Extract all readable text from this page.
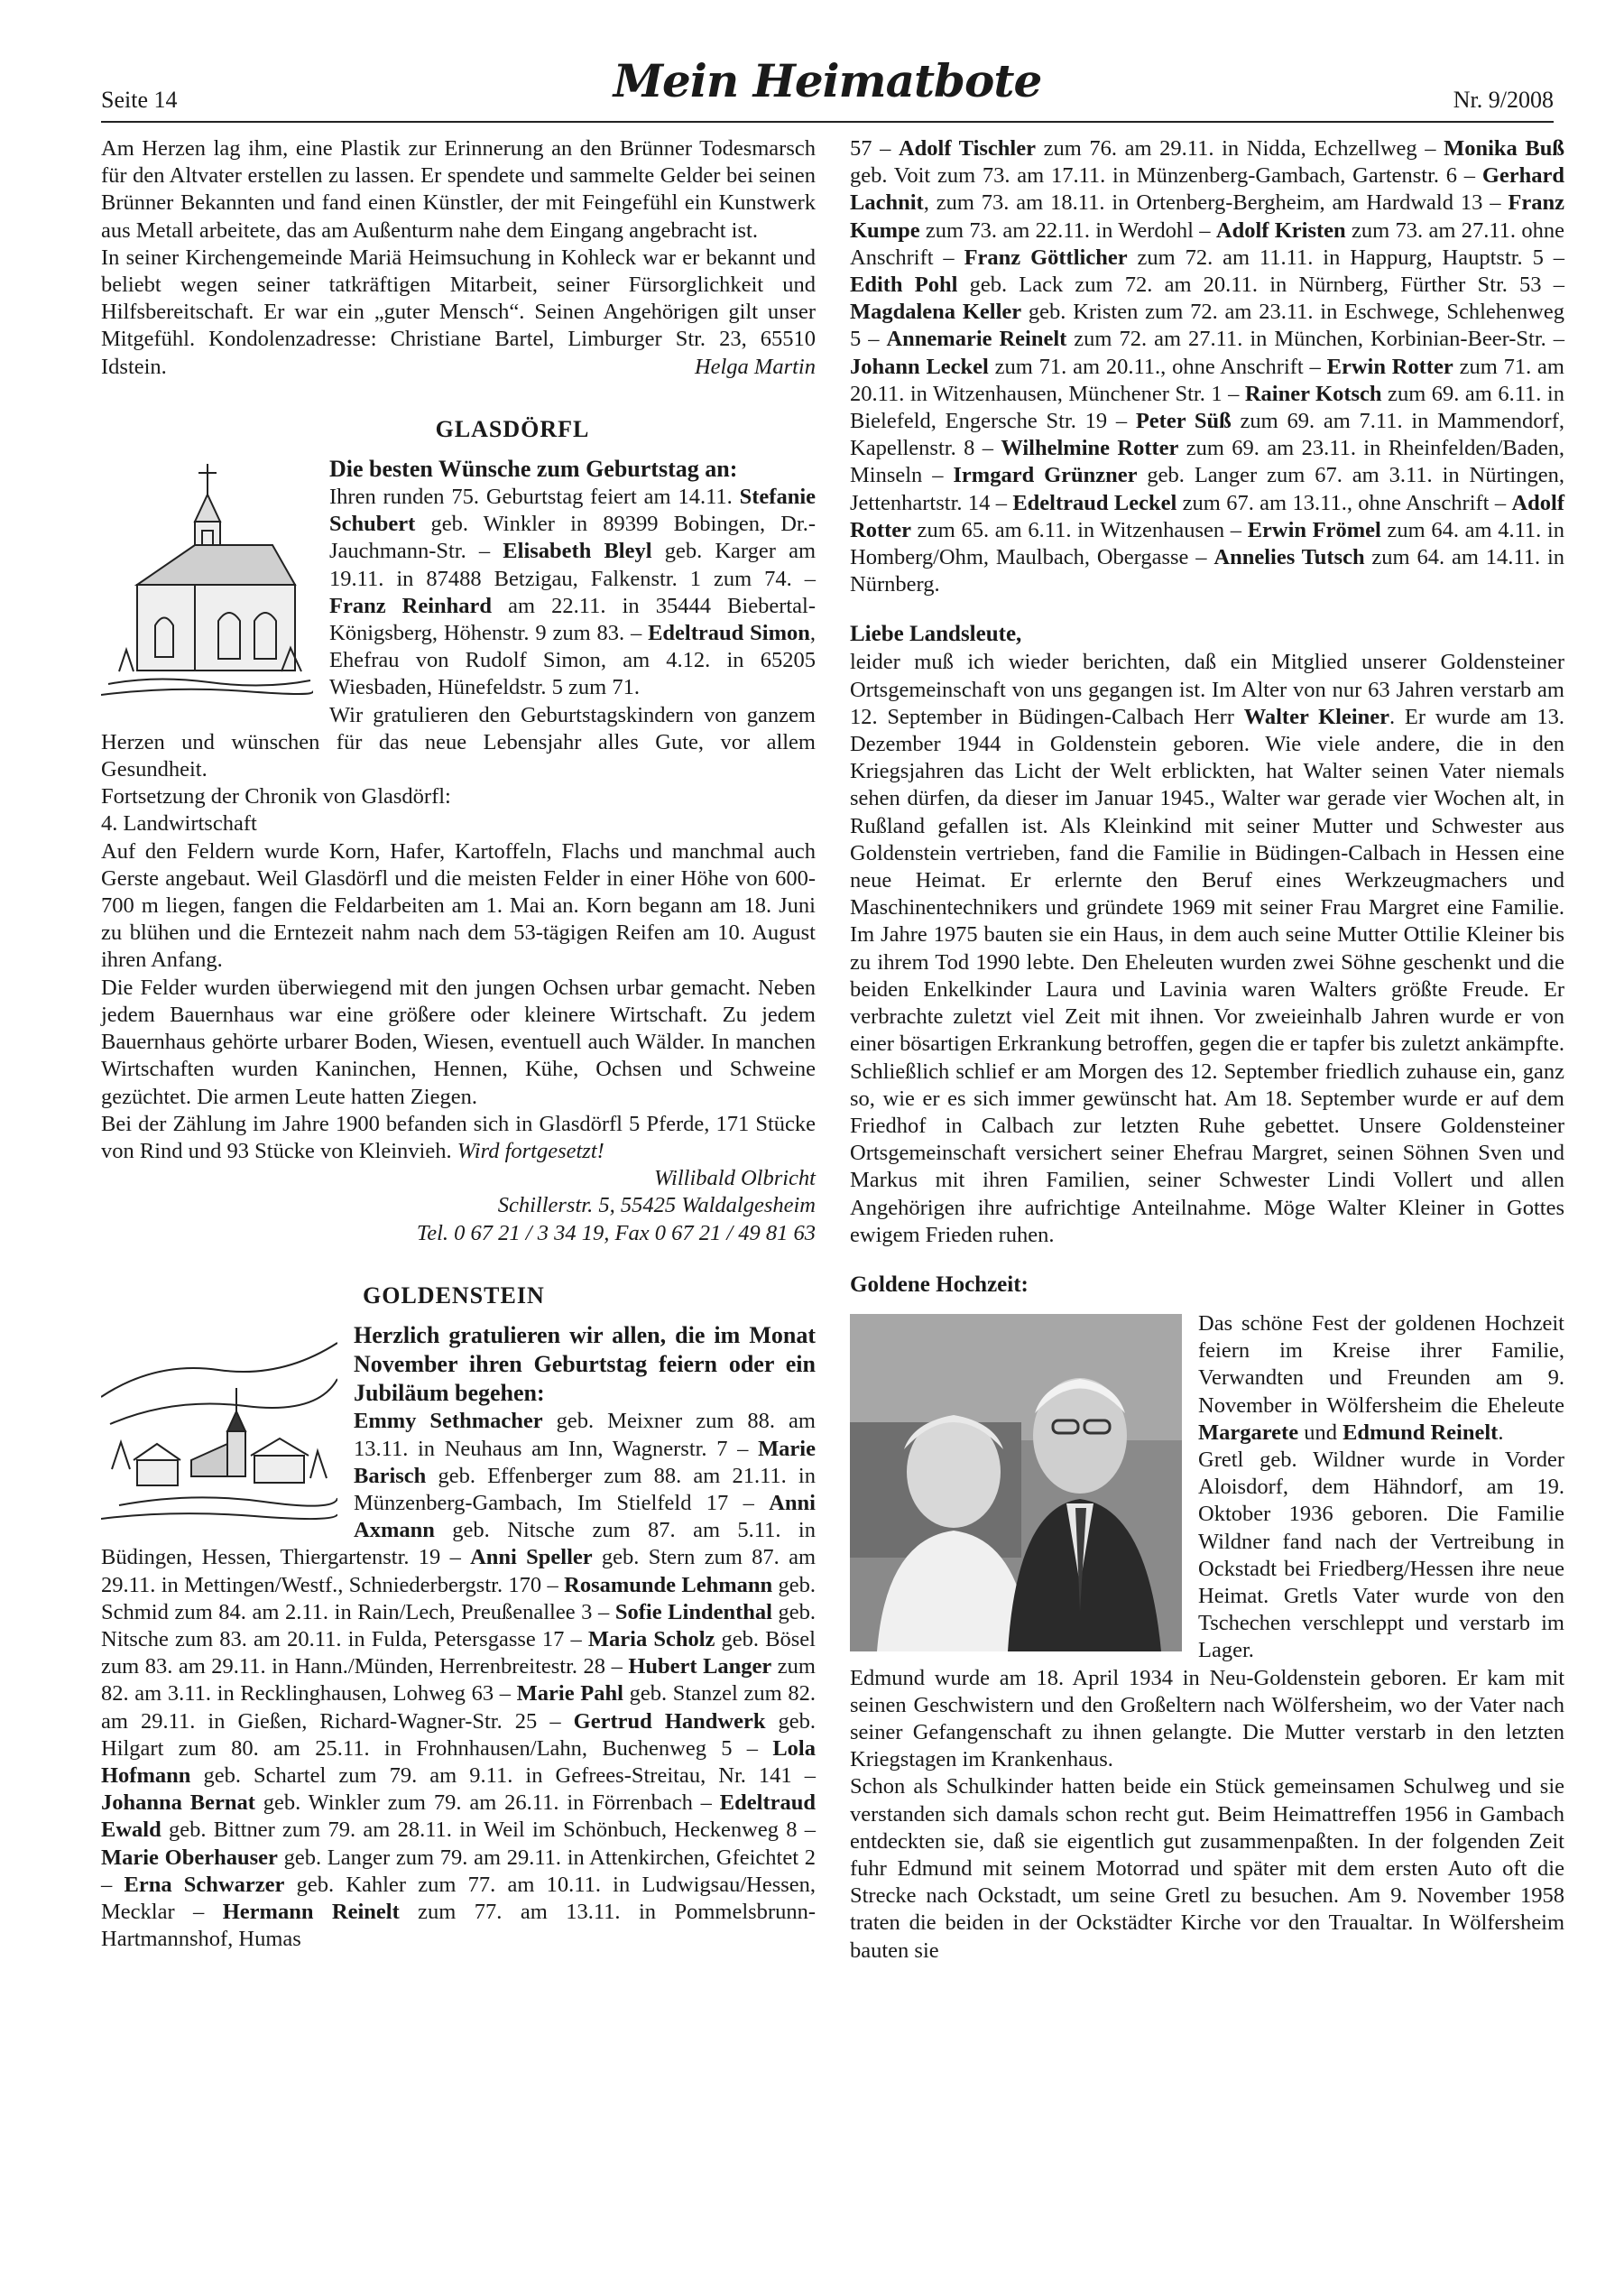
Seite 14	Mein Heimatbote	Nr. 9/2008

Am Herzen lag ihm, eine Plastik zur Erinnerung an den Brünner Todesmarsch für den Altvater erstellen zu lassen. Er spendete und sammelte Gelder bei seinen Brünner Bekannten und fand einen Künstler, der mit Feingefühl ein Kunstwerk aus Metall arbeitete, das am Außenturm nahe dem Eingang angebracht ist.

In seiner Kirchengemeinde Mariä Heimsuchung in Kohleck war er bekannt und beliebt wegen seiner tatkräftigen Mitarbeit, seiner Fürsorglichkeit und Hilfsbereitschaft. Er war ein „guter Mensch“. Seinen Angehörigen gilt unser Mitgefühl. Kondolenzadresse: Christiane Bartel, Limburger Str. 23, 65510 Idstein.	Helga Martin

GLASDÖRFL

Die besten Wünsche zum Geburtstag an:
Ihren runden 75. Geburtstag feiert am 14.11. Stefanie Schubert geb. Winkler in 89399 Bobingen, Dr.-Jauchmann-Str. – Elisabeth Bleyl geb. Karger am 19.11. in 87488 Betzigau, Falkenstr. 1 zum 74. – Franz Reinhard am 22.11. in 35444 Biebertal-Königsberg, Höhenstr. 9 zum 83. – Edeltraud Simon, Ehefrau von Rudolf Simon, am 4.12. in 65205 Wiesbaden, Hünefeldstr. 5 zum 71.

Wir gratulieren den Geburtstagskindern von ganzem Herzen und wünschen für das neue Lebensjahr alles Gute, vor allem Gesundheit.

Fortsetzung der Chronik von Glasdörfl:

4. Landwirtschaft

Auf den Feldern wurde Korn, Hafer, Kartoffeln, Flachs und manchmal auch Gerste angebaut. Weil Glasdörfl und die meisten Felder in einer Höhe von 600-700 m liegen, fangen die Feldarbeiten am 1. Mai an. Korn begann am 18. Juni zu blühen und die Erntezeit nahm nach dem 53-tägigen Reifen am 10. August ihren Anfang.

Die Felder wurden überwiegend mit den jungen Ochsen urbar gemacht. Neben jedem Bauernhaus war eine größere oder kleinere Wirtschaft. Zu jedem Bauernhaus gehörte urbarer Boden, Wiesen, eventuell auch Wälder. In manchen Wirtschaften wurden Kaninchen, Hennen, Kühe, Ochsen und Schweine gezüchtet. Die armen Leute hatten Ziegen.

Bei der Zählung im Jahre 1900 befanden sich in Glasdörfl 5 Pferde, 171 Stücke von Rind und 93 Stücke von Kleinvieh. Wird fortgesetzt!

Willibald Olbricht

Schillerstr. 5, 55425 Waldalgesheim

Tel. 0 67 21 / 3 34 19, Fax 0 67 21 / 49 81 63

GOLDENSTEIN

Herzlich gratulieren wir allen, die im Monat November ihren Geburtstag feiern oder ein Jubiläum begehen:
Emmy Sethmacher geb. Meixner zum 88. am 13.11. in Neuhaus am Inn, Wagnerstr. 7 – Marie Barisch geb. Effenberger zum 88. am 21.11. in Münzenberg-Gambach, Im Stielfeld 17 – Anni Axmann geb. Nitsche zum 87. am 5.11. in Büdingen, Hessen, Thiergartenstr. 19 – Anni Speller geb. Stern zum 87. am 29.11. in Mettingen/Westf., Schniederbergstr. 170 – Rosamunde Lehmann geb. Schmid zum 84. am 2.11. in Rain/Lech, Preußenallee 3 – Sofie Lindenthal geb. Nitsche zum 83. am 20.11. in Fulda, Petersgasse 17 – Maria Scholz geb. Bösel zum 83. am 29.11. in Hann./Münden, Herrenbreitestr. 28 – Hubert Langer zum 82. am 3.11. in Recklinghausen, Lohweg 63 – Marie Pahl geb. Stanzel zum 82. am 29.11. in Gießen, Richard-Wagner-Str. 25 – Gertrud Handwerk geb. Hilgart zum 80. am 25.11. in Frohnhausen/Lahn, Buchenweg 5 – Lola Hofmann geb. Schartel zum 79. am 9.11. in Gefrees-Streitau, Nr. 141 – Johanna Bernat geb. Winkler zum 79. am 26.11. in Förrenbach – Edeltraud Ewald geb. Bittner zum 79. am 28.11. in Weil im Schönbuch, Heckenweg 8 – Marie Oberhauser geb. Langer zum 79. am 29.11. in Attenkirchen, Gfeichtet 2 – Erna Schwarzer geb. Kahler zum 77. am 10.11. in Ludwigsau/Hessen, Mecklar – Hermann Reinelt zum 77. am 13.11. in Pommelsbrunn-Hartmannshof, Humas
57 – Adolf Tischler zum 76. am 29.11. in Nidda, Echzellweg – Monika Buß geb. Voit zum 73. am 17.11. in Münzenberg-Gambach, Gartenstr. 6 – Gerhard Lachnit, zum 73. am 18.11. in Ortenberg-Bergheim, am Hardwald 13 – Franz Kumpe zum 73. am 22.11. in Werdohl – Adolf Kristen zum 73. am 27.11. ohne Anschrift – Franz Göttlicher zum 72. am 11.11. in Happurg, Hauptstr. 5 – Edith Pohl geb. Lack zum 72. am 20.11. in Nürnberg, Fürther Str. 53 – Magdalena Keller geb. Kristen zum 72. am 23.11. in Eschwege, Schlehenweg 5 – Annemarie Reinelt zum 72. am 27.11. in München, Korbinian-Beer-Str. – Johann Leckel zum 71. am 20.11., ohne Anschrift – Erwin Rotter zum 71. am 20.11. in Witzenhausen, Münchener Str. 1 – Rainer Kotsch zum 69. am 6.11. in Bielefeld, Engersche Str. 19 – Peter Süß zum 69. am 7.11. in Mammendorf, Kapellenstr. 8 – Wilhelmine Rotter zum 69. am 23.11. in Rheinfelden/Baden, Minseln – Irmgard Grünzner geb. Langer zum 67. am 3.11. in Nürtingen, Jettenhartstr. 14 – Edeltraud Leckel zum 67. am 13.11., ohne Anschrift – Adolf Rotter zum 65. am 6.11. in Witzenhausen – Erwin Frömel zum 64. am 4.11. in Homberg/Ohm, Maulbach, Obergasse – Annelies Tutsch zum 64. am 14.11. in Nürnberg.

Liebe Landsleute,

leider muß ich wieder berichten, daß ein Mitglied unserer Goldensteiner Ortsgemeinschaft von uns gegangen ist. Im Alter von nur 63 Jahren verstarb am 12. September in Büdingen-Calbach Herr Walter Kleiner. Er wurde am 13. Dezember 1944 in Goldenstein geboren. Wie viele andere, die in den Kriegsjahren das Licht der Welt erblickten, hat Walter seinen Vater niemals sehen dürfen, da dieser im Januar 1945., Walter war gerade vier Wochen alt, in Rußland gefallen ist. Als Kleinkind mit seiner Mutter und Schwester aus Goldenstein vertrieben, fand die Familie in Büdingen-Calbach in Hessen eine neue Heimat. Er erlernte den Beruf eines Werkzeugmachers und Maschinentechnikers und gründete 1969 mit seiner Frau Margret eine Familie. Im Jahre 1975 bauten sie ein Haus, in dem auch seine Mutter Ottilie Kleiner bis zu ihrem Tod 1990 lebte. Den Eheleuten wurden zwei Söhne geschenkt und die beiden Enkelkinder Laura und Lavinia waren Walters größte Freude. Er verbrachte zuletzt viel Zeit mit ihnen. Vor zweieinhalb Jahren wurde er von einer bösartigen Erkrankung betroffen, gegen die er tapfer bis zuletzt ankämpfte. Schließlich schlief er am Morgen des 12. September friedlich zuhause ein, ganz so, wie er es sich immer gewünscht hat. Am 18. September wurde er auf dem Friedhof in Calbach zur letzten Ruhe gebettet. Unsere Goldensteiner Ortsgemeinschaft versichert seiner Ehefrau Margret, seinen Söhnen Sven und Markus mit ihren Familien, seiner Schwester Lindi Vollert und allen Angehörigen ihre aufrichtige Anteilnahme. Möge Walter Kleiner in Gottes ewigem Frieden ruhen.

Goldene Hochzeit:

Das schöne Fest der goldenen Hochzeit feiern im Kreise ihrer Familie, Verwandten und Freunden am 9. November in Wölfersheim die Eheleute Margarete und Edmund Reinelt.
Gretl geb. Wildner wurde in Vorder Aloisdorf, dem Hähndorf, am 19. Oktober 1936 geboren. Die Familie Wildner fand nach der Vertreibung in Ockstadt bei Friedberg/Hessen ihre neue Heimat. Gretls Vater wurde von den Tschechen verschleppt und verstarb im Lager.

Edmund wurde am 18. April 1934 in Neu-Goldenstein geboren. Er kam mit seinen Geschwistern und den Großeltern nach Wölfersheim, wo der Vater nach seiner Gefangenschaft zu ihnen gelangte. Die Mutter verstarb in den letzten Kriegstagen im Krankenhaus.

Schon als Schulkinder hatten beide ein Stück gemeinsamen Schulweg und sie verstanden sich damals schon recht gut. Beim Heimattreffen 1956 in Gambach entdeckten sie, daß sie eigentlich gut zusammenpaßten. In der folgenden Zeit fuhr Edmund mit seinem Motorrad und später mit dem ersten Auto oft die Strecke nach Ockstadt, um seine Gretl zu besuchen. Am 9. November 1958 traten die beiden in der Ockstädter Kirche vor den Traualtar. In Wölfersheim bauten sie
